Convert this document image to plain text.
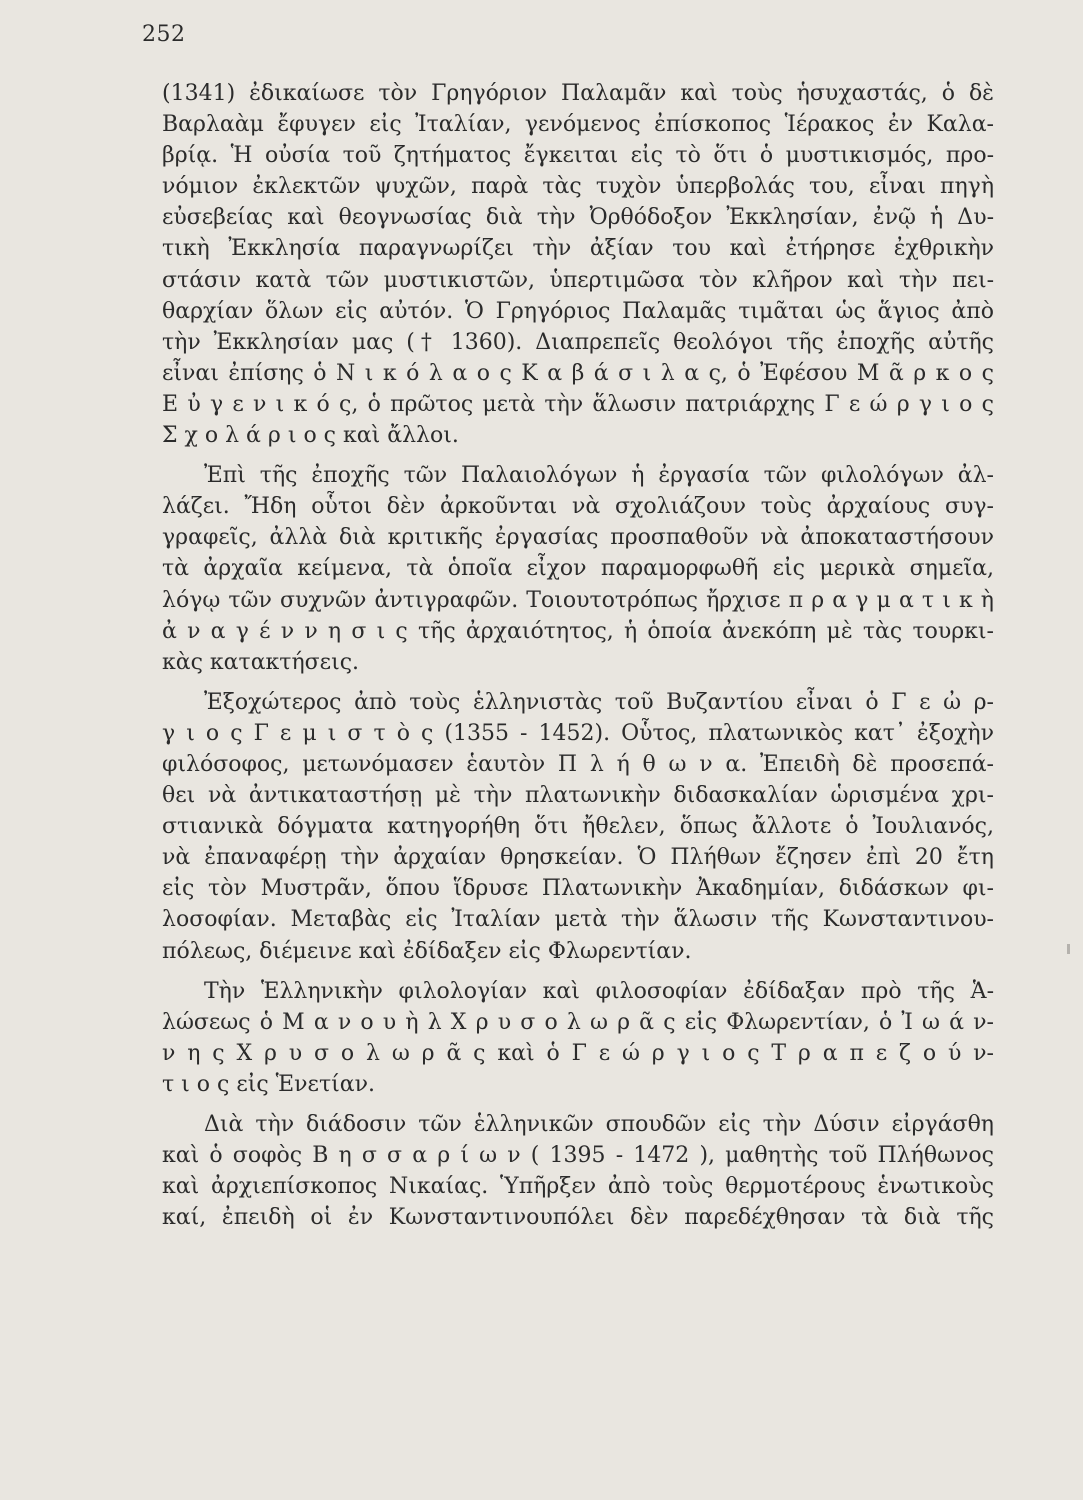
252
(1341) ἐδικαίωσε τὸν Γρηγόριον Παλαμᾶν καὶ τοὺς ἡσυχαστάς, ὁ δὲ
Βαρλαὰμ ἔφυγεν εἰς Ἰταλίαν, γενόμενος ἐπίσκοπος Ἱέρακος ἐν Καλα-
βρίᾳ. Ἡ οὐσία τοῦ ζητήματος ἔγκειται εἰς τὸ ὅτι ὁ μυστικισμός, προ-
νόμιον ἐκλεκτῶν ψυχῶν, παρὰ τὰς τυχὸν ὑπερβολάς του, εἶναι πηγὴ
εὐσεβείας καὶ θεογνωσίας διὰ τὴν Ὀρθόδοξον Ἐκκλησίαν, ἐνῷ ἡ Δυ-
τικὴ Ἐκκλησία παραγνωρίζει τὴν ἀξίαν του καὶ ἐτήρησε ἐχθρικὴν
στάσιν κατὰ τῶν μυστικιστῶν, ὑπερτιμῶσα τὸν κλῆρον καὶ τὴν πει-
θαρχίαν ὅλων εἰς αὐτόν. Ὁ Γρηγόριος Παλαμᾶς τιμᾶται ὡς ἅγιος ἀπὸ
τὴν Ἐκκλησίαν μας († 1360). Διαπρεπεῖς θεολόγοι τῆς ἐποχῆς αὐτῆς
εἶναι ἐπίσης ὁ Ν ι κ ό λ α ο ς Κ α β ά σ ι λ α ς, ὁ Ἐφέσου Μ ᾶ ρ κ ο ς
Ε ὐ γ ε ν ι κ ό ς, ὁ πρῶτος μετὰ τὴν ἅλωσιν πατριάρχης Γ ε ώ ρ γ ι ο ς
Σ χ ο λ ά ρ ι ο ς καὶ ἄλλοι.
Ἐπὶ τῆς ἐποχῆς τῶν Παλαιολόγων ἡ ἐργασία τῶν φιλολόγων ἀλ-
λάζει. Ἤδη οὗτοι δὲν ἀρκοῦνται νὰ σχολιάζουν τοὺς ἀρχαίους συγ-
γραφεῖς, ἀλλὰ διὰ κριτικῆς ἐργασίας προσπαθοῦν νὰ ἀποκαταστήσουν
τὰ ἀρχαῖα κείμενα, τὰ ὁποῖα εἶχον παραμορφωθῆ εἰς μερικὰ σημεῖα,
λόγῳ τῶν συχνῶν ἀντιγραφῶν. Τοιουτοτρόπως ἤρχισε π ρ α γ μ α τ ι κ ὴ
ἀ ν α γ έ ν ν η σ ι ς τῆς ἀρχαιότητος, ἡ ὁποία ἀνεκόπη μὲ τὰς τουρκι-
κὰς κατακτήσεις.
Ἐξοχώτερος ἀπὸ τοὺς ἑλληνιστὰς τοῦ Βυζαντίου εἶναι ὁ Γ ε ὠ ρ-
γ ι ο ς Γ ε μ ι σ τ ὸ ς (1355 - 1452). Οὗτος, πλατωνικὸς κατ᾽ ἐξοχὴν
φιλόσοφος, μετωνόμασεν ἑαυτὸν Π λ ή θ ω ν α. Ἐπειδὴ δὲ προσεπά-
θει νὰ ἀντικαταστήσῃ μὲ τὴν πλατωνικὴν διδασκαλίαν ὡρισμένα χρι-
στιανικὰ δόγματα κατηγορήθη ὅτι ἤθελεν, ὅπως ἄλλοτε ὁ Ἰουλιανός,
νὰ ἐπαναφέρῃ τὴν ἀρχαίαν θρησκείαν. Ὁ Πλήθων ἔζησεν ἐπὶ 20 ἔτη
εἰς τὸν Μυστρᾶν, ὅπου ἵδρυσε Πλατωνικὴν Ἀκαδημίαν, διδάσκων φι-
λοσοφίαν. Μεταβὰς εἰς Ἰταλίαν μετὰ τὴν ἅλωσιν τῆς Κωνσταντινου-
πόλεως, διέμεινε καὶ ἐδίδαξεν εἰς Φλωρεντίαν.
Τὴν Ἑλληνικὴν φιλολογίαν καὶ φιλοσοφίαν ἐδίδαξαν πρὸ τῆς Ἁ-
λώσεως ὁ Μ α ν ο υ ὴ λ Χ ρ υ σ ο λ ω ρ ᾶ ς εἰς Φλωρεντίαν, ὁ Ἰ ω ά ν-
ν η ς Χ ρ υ σ ο λ ω ρ ᾶ ς καὶ ὁ Γ ε ώ ρ γ ι ο ς Τ ρ α π ε ζ ο ύ ν-
τ ι ο ς εἰς Ἑνετίαν.
Διὰ τὴν διάδοσιν τῶν ἑλληνικῶν σπουδῶν εἰς τὴν Δύσιν εἰργάσθη
καὶ ὁ σοφὸς Β η σ σ α ρ ί ω ν ( 1395 - 1472 ), μαθητὴς τοῦ Πλήθωνος
καὶ ἀρχιεπίσκοπος Νικαίας. Ὑπῆρξεν ἀπὸ τοὺς θερμοτέρους ἑνωτικοὺς
καί, ἐπειδὴ οἱ ἐν Κωνσταντινουπόλει δὲν παρεδέχθησαν τὰ διὰ τῆς
